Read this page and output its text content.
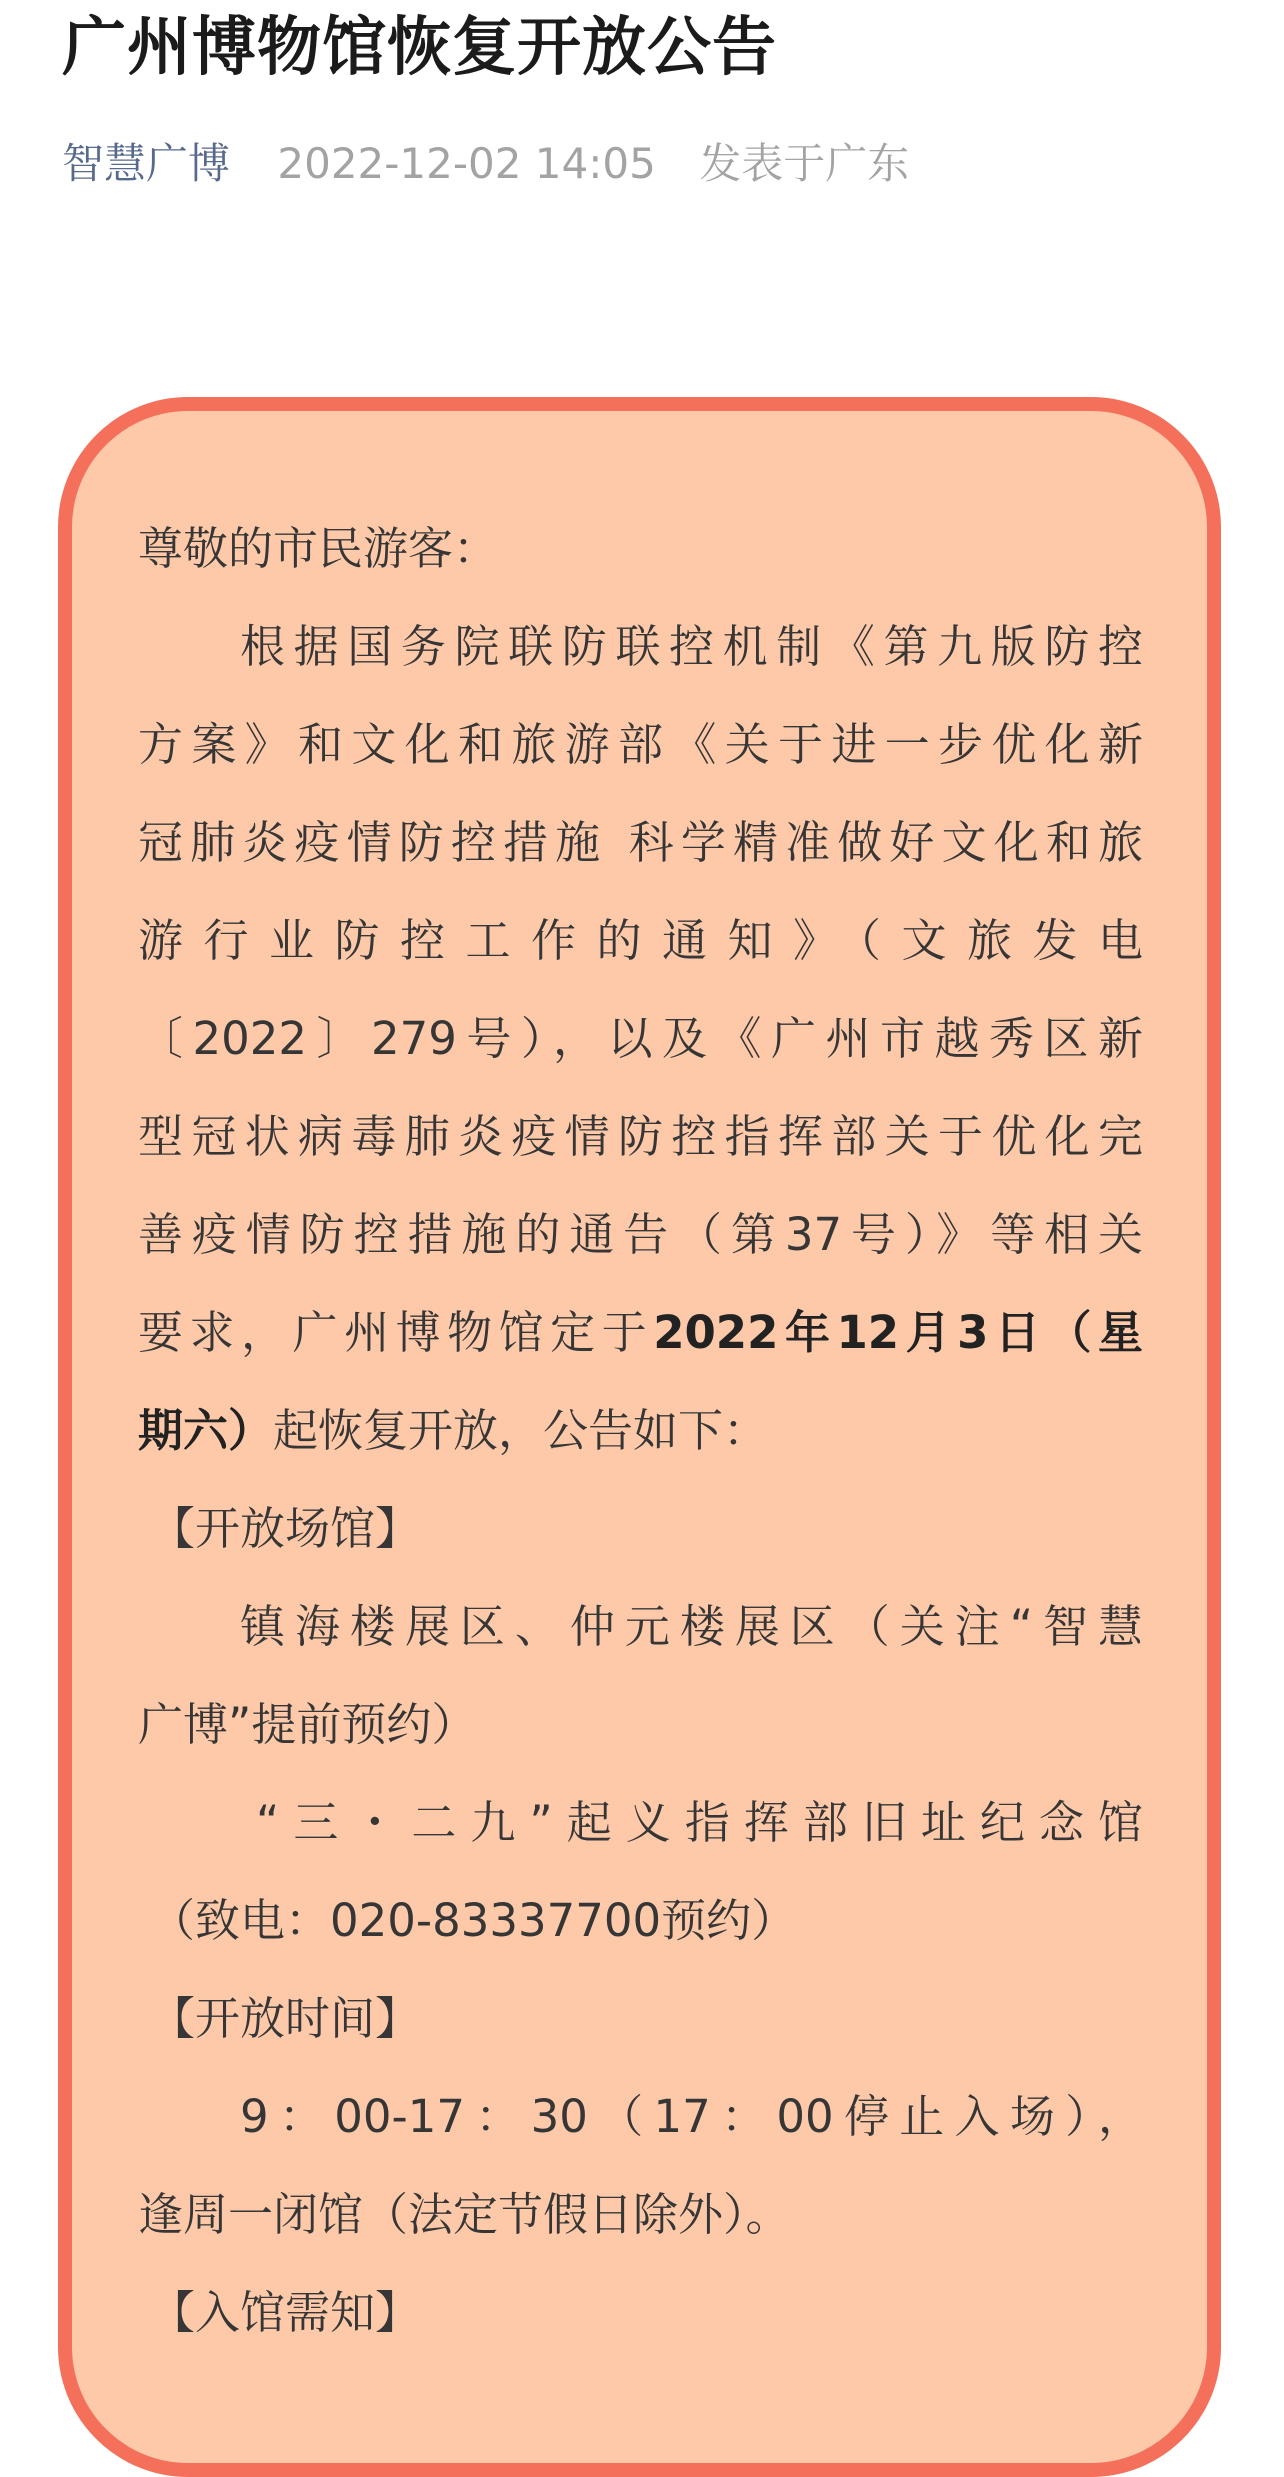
广州博物馆恢复开放公告
智慧广博 2022-12-02 14:05 发表于广东
尊敬的市民游客：
根据国务院联防联控机制《第九版防控
方案》和文化和旅游部《关于进一步优化新
冠肺炎疫情防控措施 科学精准做好文化和旅
游行业防控工作的通知》（文旅发电
〔2022〕279号），以及《广州市越秀区新
型冠状病毒肺炎疫情防控指挥部关于优化完
善疫情防控措施的通告（第37号）》等相关
要求，广州博物馆定于2022年12月3日（星
期六）起恢复开放，公告如下：
【开放场馆】
镇海楼展区、仲元楼展区（关注“智慧
广博”提前预约）
“三・二九”起义指挥部旧址纪念馆
（致电：020-83337700预约）
【开放时间】
9：00-17：30（17：00停止入场），
逢周一闭馆（法定节假日除外）。
【入馆需知】
